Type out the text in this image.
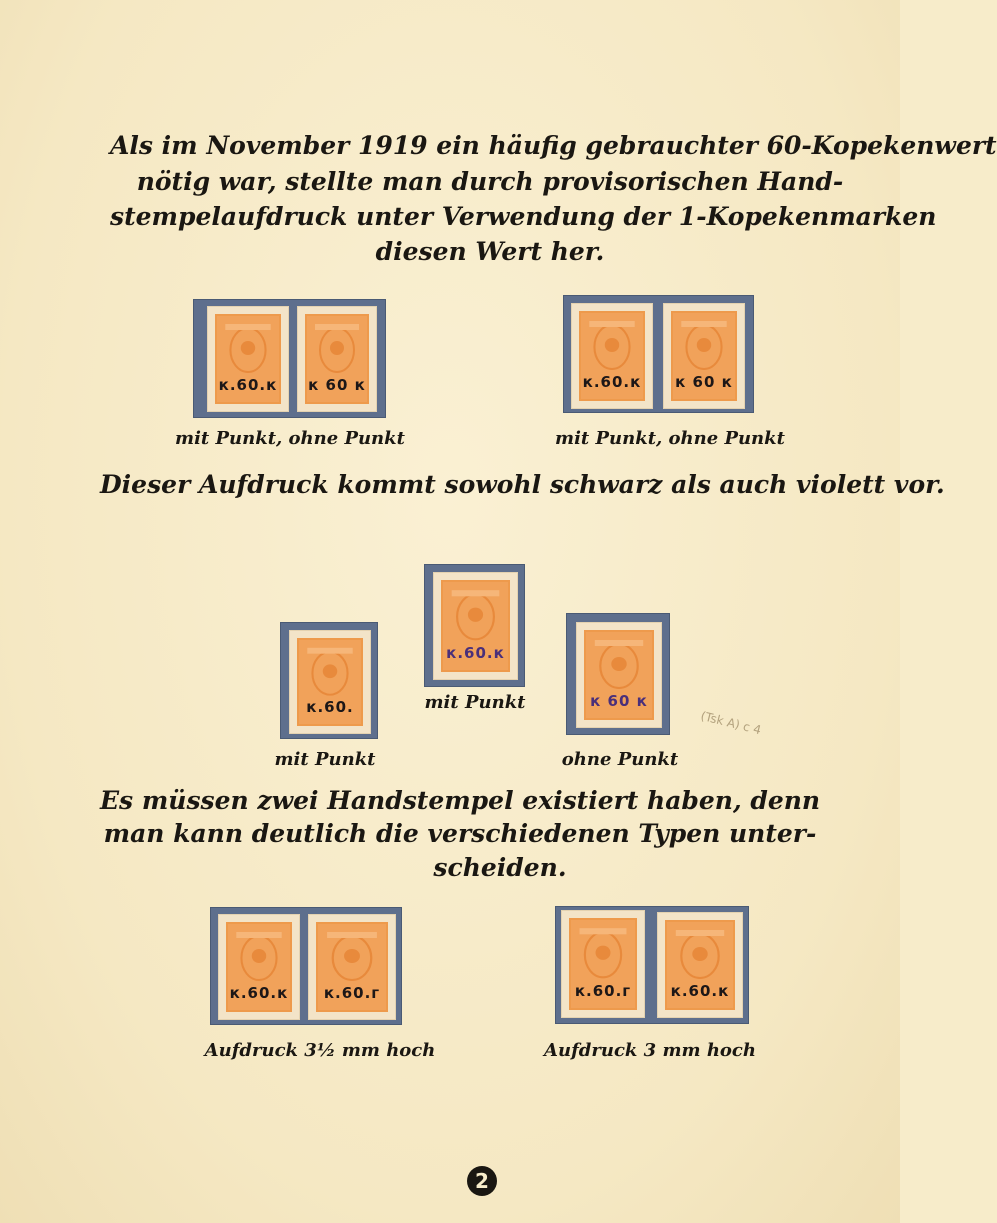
Als im November 1919 ein häufig gebrauchter 60-Kopekenwert
nötig war, stellte man durch provisorischen Hand-
stempelaufdruck unter Verwendung der 1-Kopekenmarken
diesen Wert her.
к.60.к к 60 к	к.60.к к 60 к
mit Punkt, ohne Punkt	mit Punkt, ohne Punkt
Dieser Aufdruck kommt sowohl schwarz als auch violett vor.
к.60.
к.60.к
к 60 к
mit Punkt
mit Punkt	ohne Punkt
(Tsk A) c 4
Es müssen zwei Handstempel existiert haben, denn
man kann deutlich die verschiedenen Typen unter-
scheiden.
к.60.к	к.60.г	к.60.г	к.60.к
Aufdruck 3½ mm hoch	Aufdruck 3 mm hoch
2
